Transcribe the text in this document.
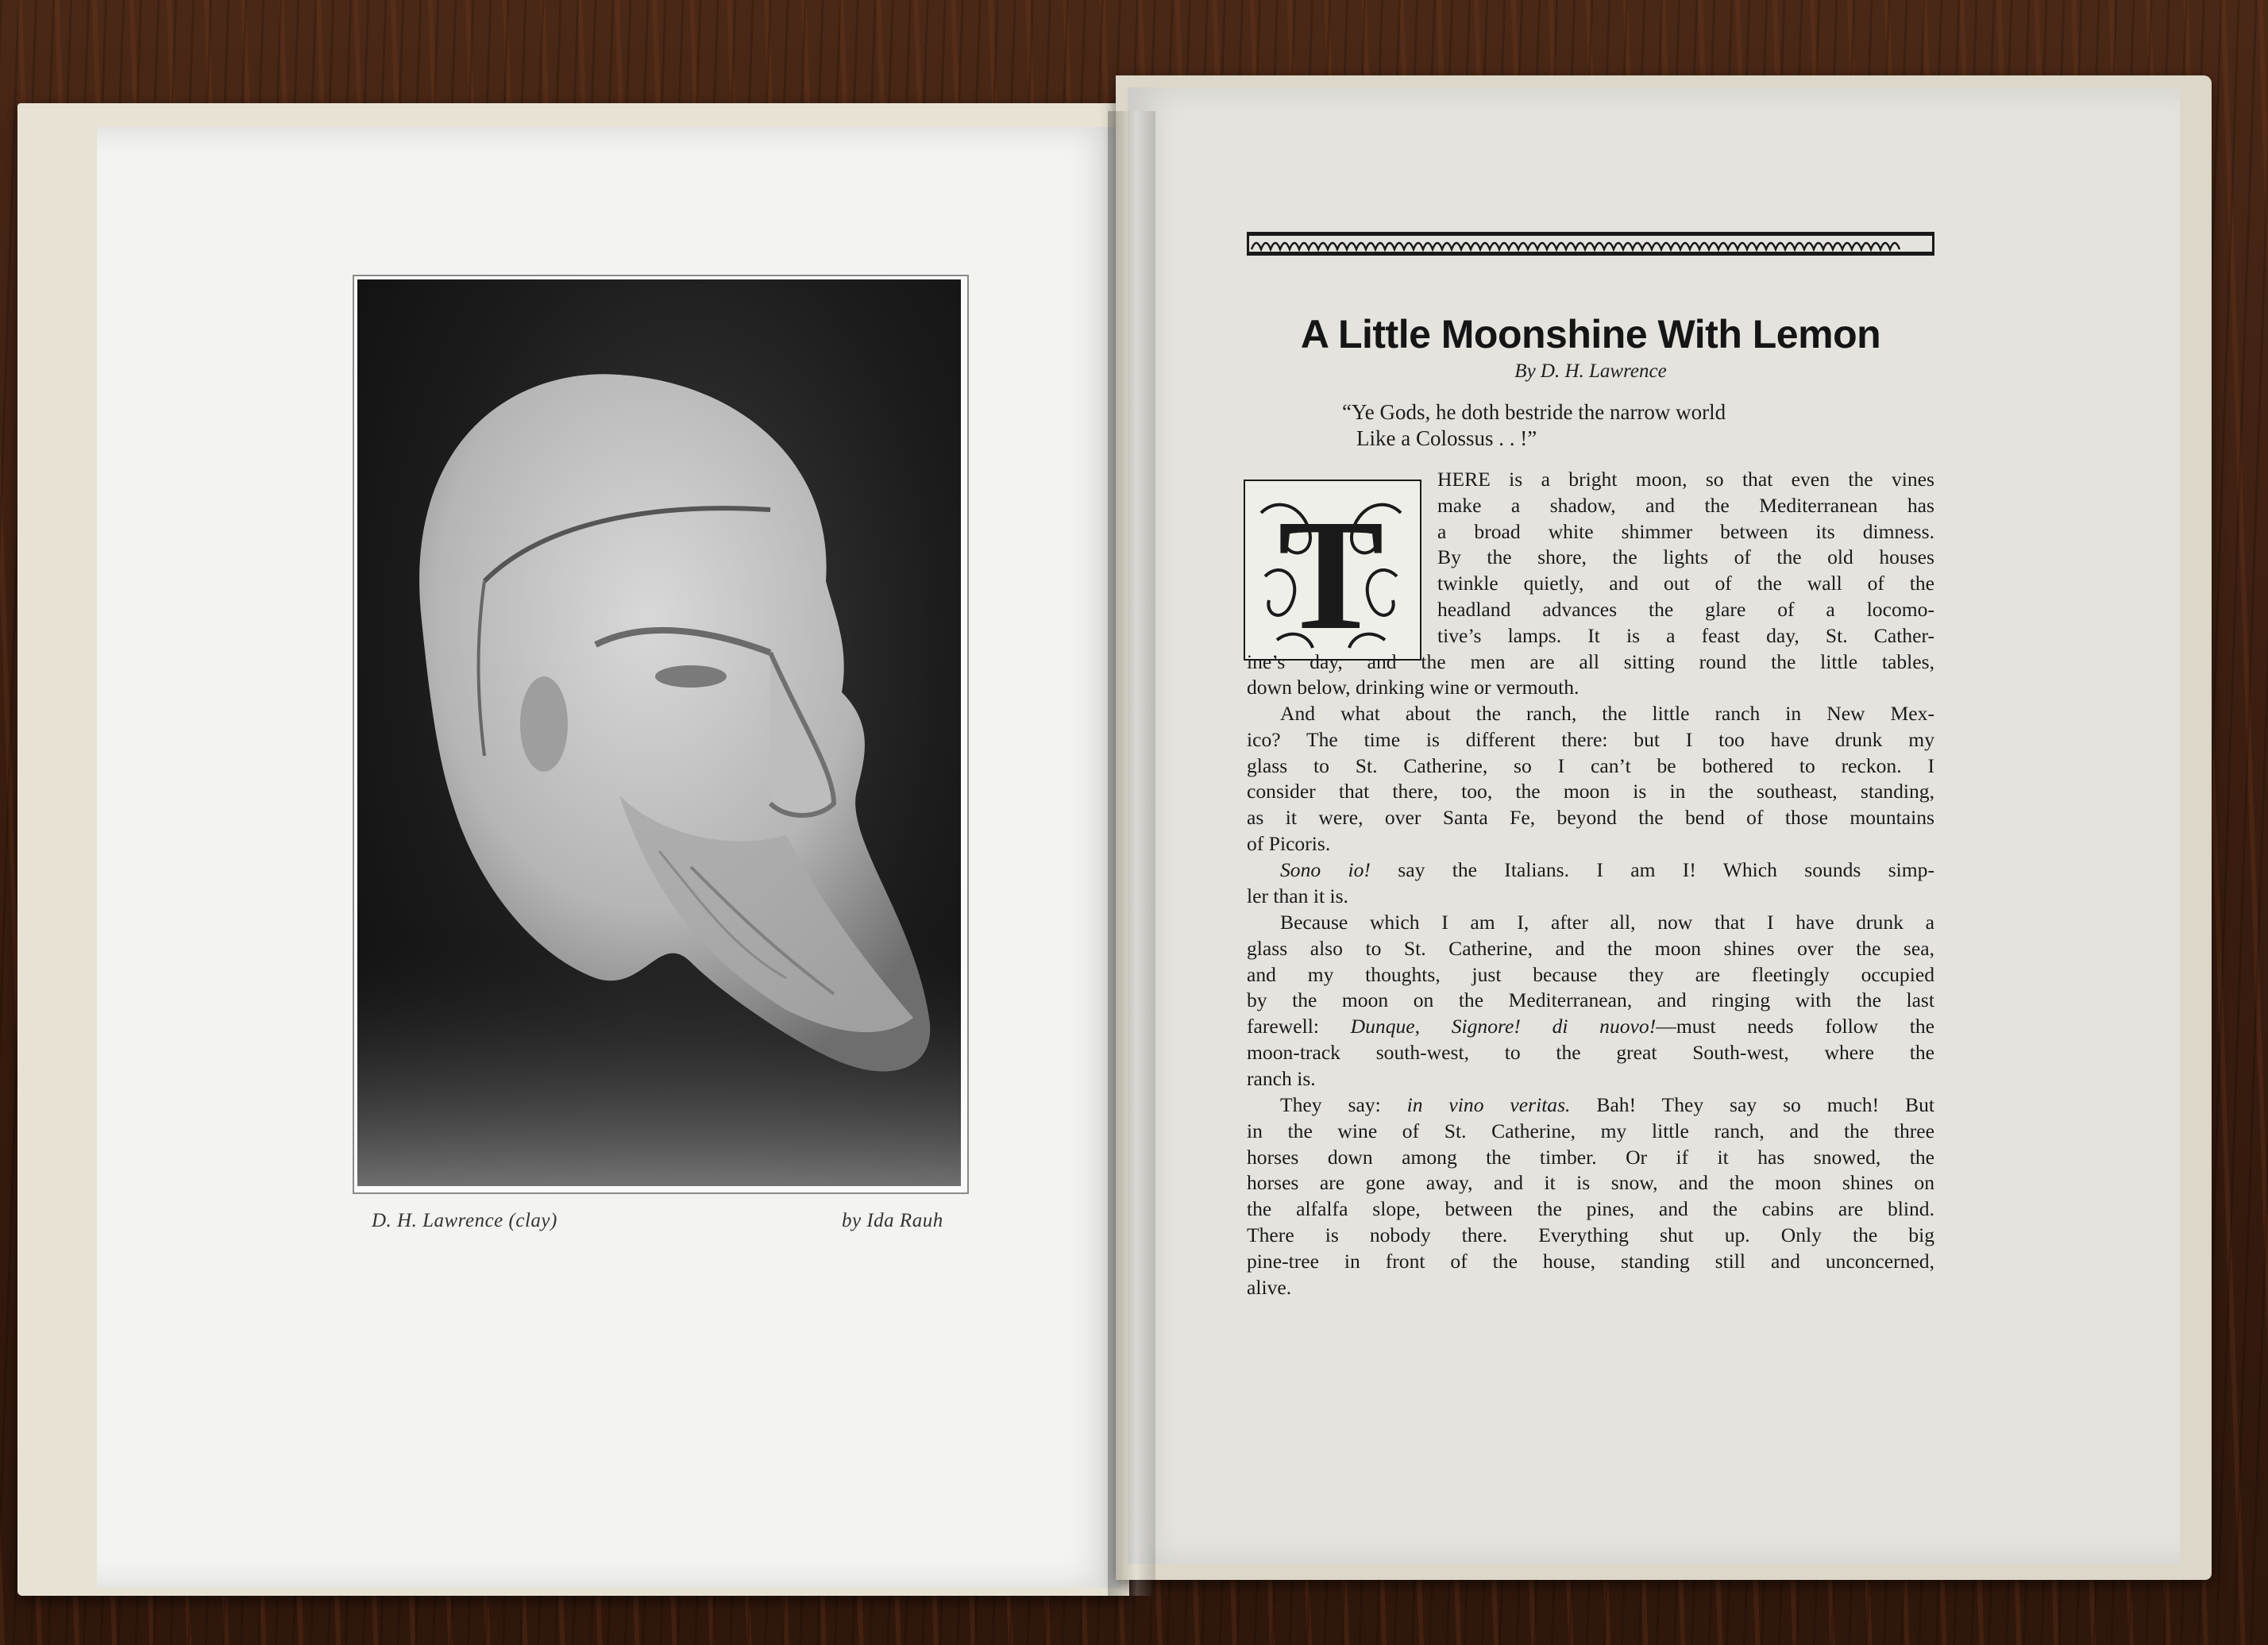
D. H. Lawrence (clay)	by Ida Rauh
A Little Moonshine With Lemon
By D. H. Lawrence
“Ye Gods, he doth bestride the narrow world
Like a Colossus . . !”
T
HERE is a bright moon, so that even the vines
make a shadow, and the Mediterranean has
a broad white shimmer between its dimness.
By the shore, the lights of the old houses
twinkle quietly, and out of the wall of the
headland advances the glare of a locomo-
tive’s lamps. It is a feast day, St. Cather-
ine’s day, and the men are all sitting round the little tables,
down below, drinking wine or vermouth.
And what about the ranch, the little ranch in New Mex-
ico? The time is different there: but I too have drunk my
glass to St. Catherine, so I can’t be bothered to reckon. I
consider that there, too, the moon is in the southeast, standing,
as it were, over Santa Fe, beyond the bend of those mountains
of Picoris.
Sono io! say the Italians. I am I! Which sounds simp-
ler than it is.
Because which I am I, after all, now that I have drunk a
glass also to St. Catherine, and the moon shines over the sea,
and my thoughts, just because they are fleetingly occupied
by the moon on the Mediterranean, and ringing with the last
farewell: Dunque, Signore! di nuovo!—must needs follow the
moon-track south-west, to the great South-west, where the
ranch is.
They say: in vino veritas. Bah! They say so much! But
in the wine of St. Catherine, my little ranch, and the three
horses down among the timber. Or if it has snowed, the
horses are gone away, and it is snow, and the moon shines on
the alfalfa slope, between the pines, and the cabins are blind.
There is nobody there. Everything shut up. Only the big
pine-tree in front of the house, standing still and unconcerned,
alive.
